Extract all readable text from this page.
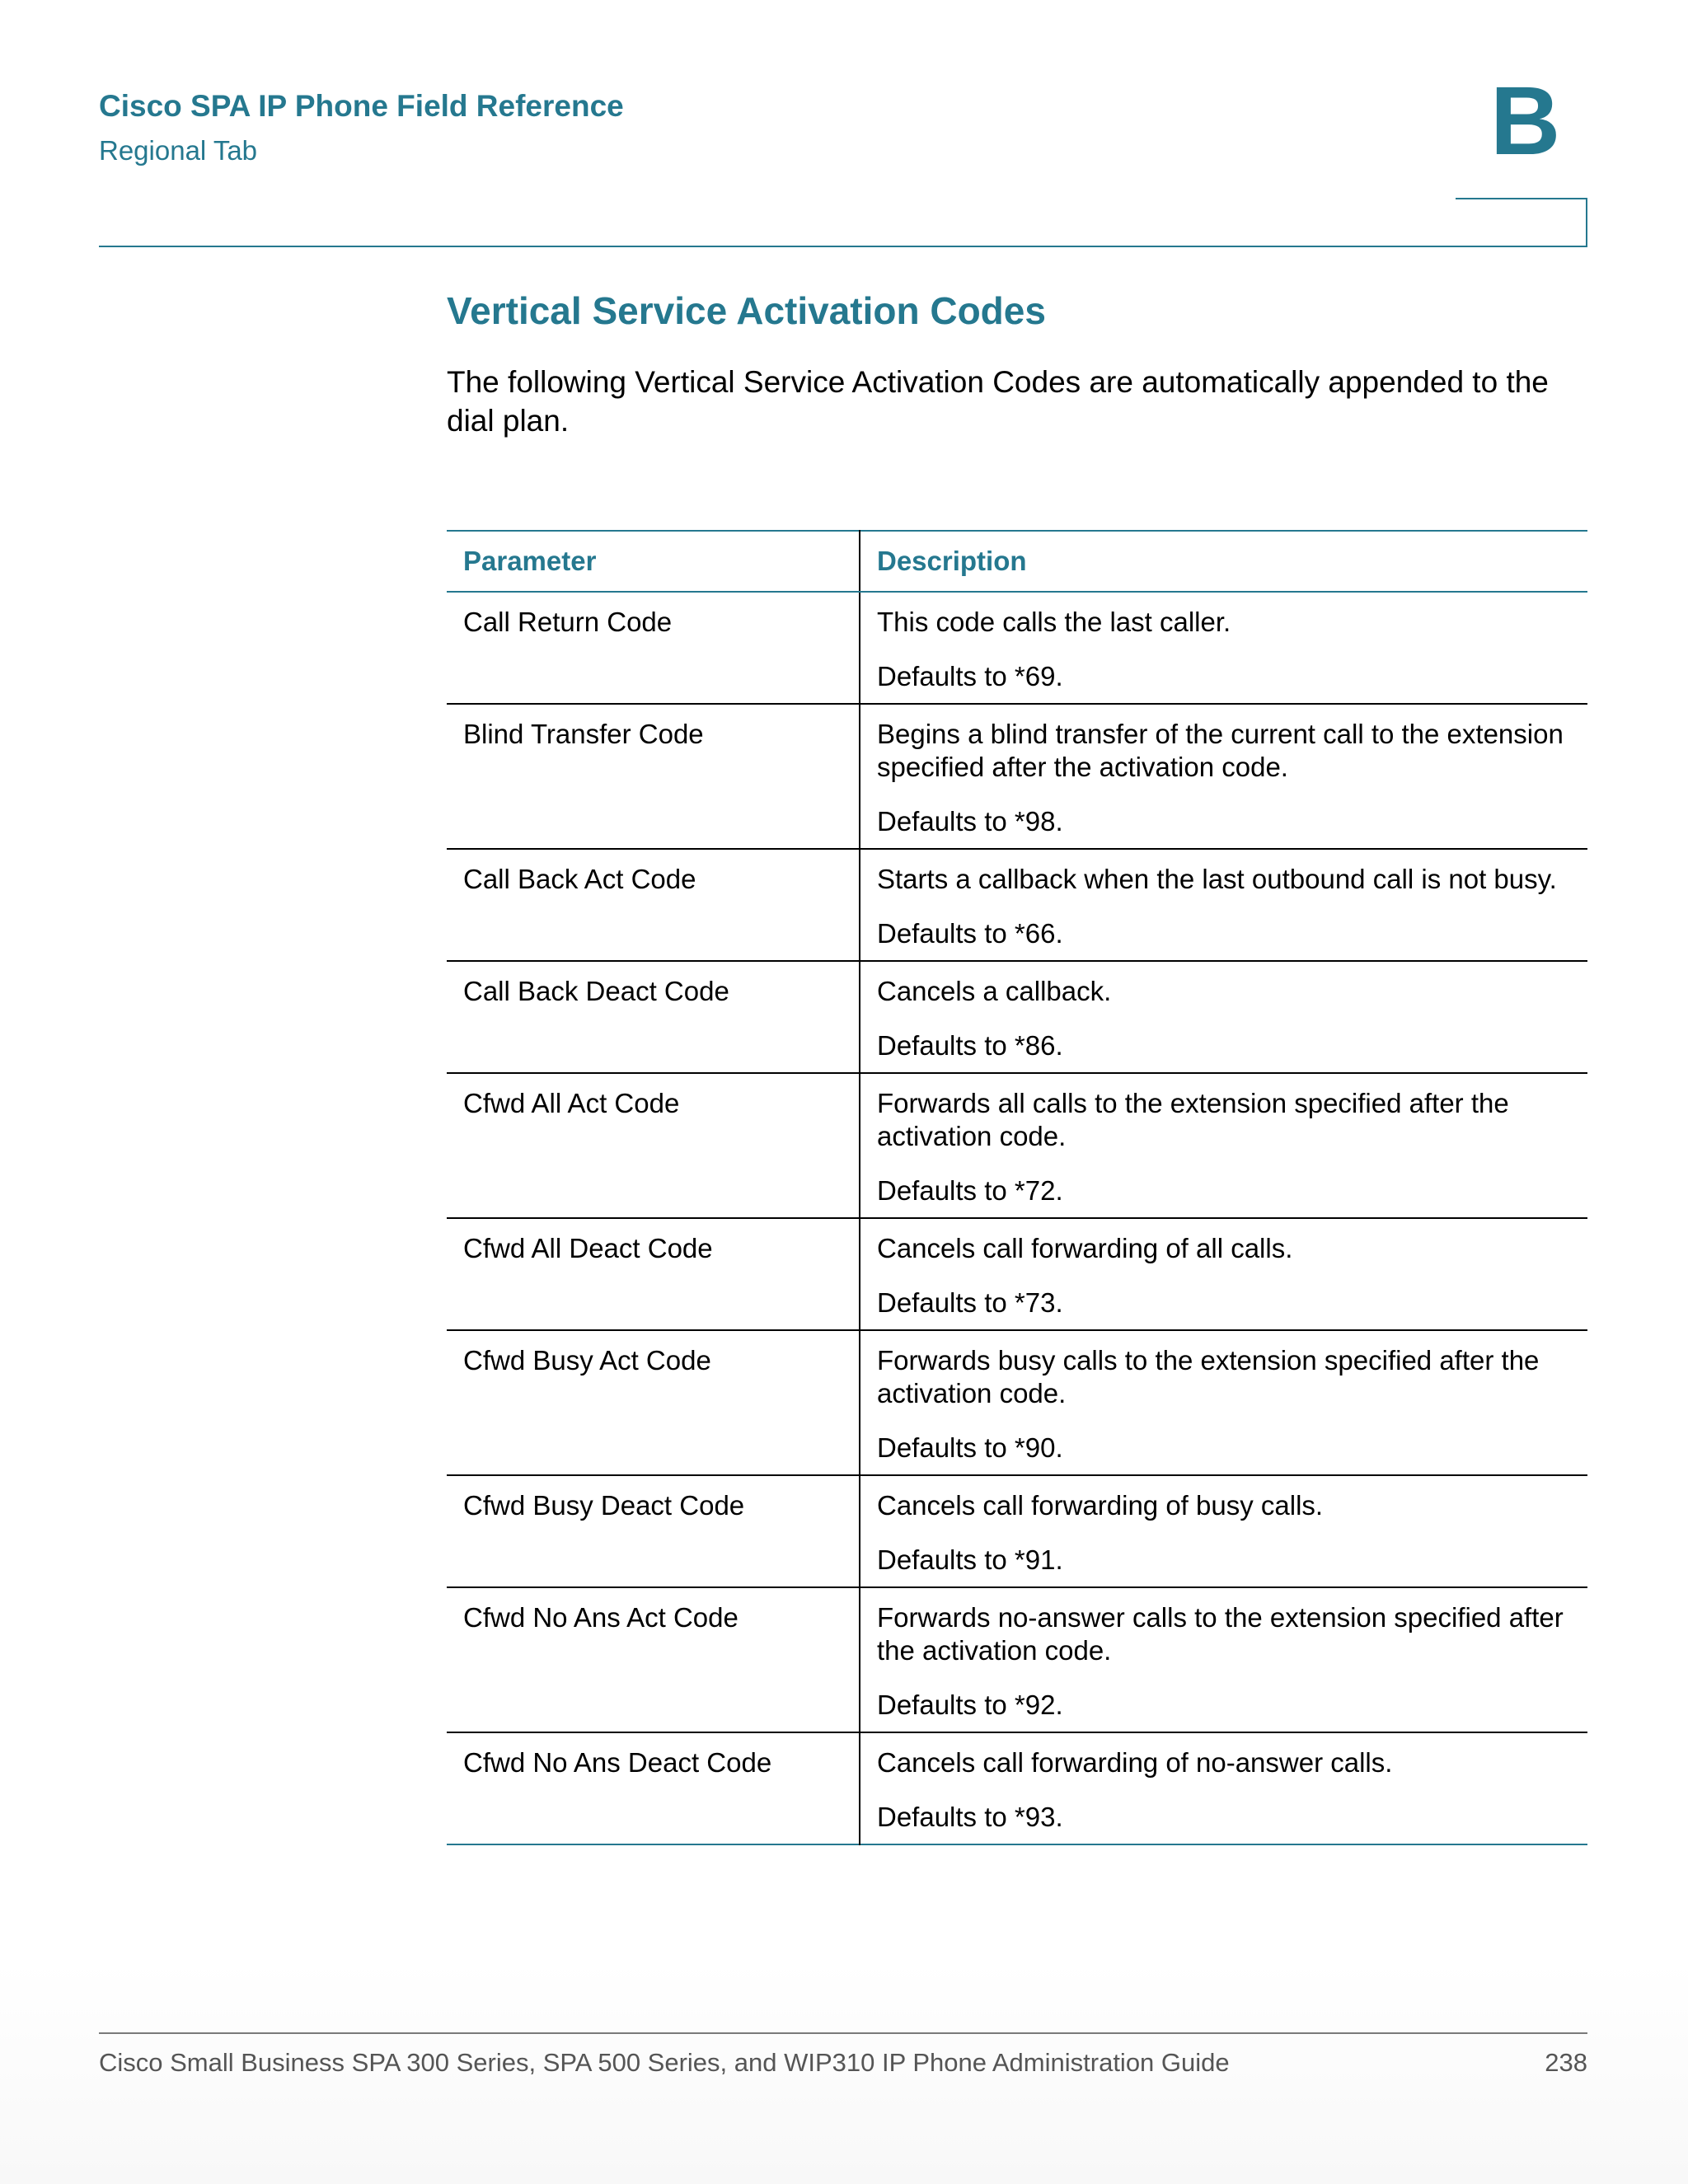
Cisco SPA IP Phone Field Reference
Regional Tab	B
Vertical Service Activation Codes
The following Vertical Service Activation Codes are automatically appended to the dial plan.
Parameter	Description
Call Return Code	This code calls the last caller.

Defaults to *69.

Blind Transfer Code	Begins a blind transfer of the current call to the extension specified after the activation code.

Defaults to *98.

Call Back Act Code	Starts a callback when the last outbound call is not busy.

Defaults to *66.

Call Back Deact Code	Cancels a callback.

Defaults to *86.

Cfwd All Act Code	Forwards all calls to the extension specified after the activation code.

Defaults to *72.

Cfwd All Deact Code	Cancels call forwarding of all calls.

Defaults to *73.

Cfwd Busy Act Code	Forwards busy calls to the extension specified after the activation code.

Defaults to *90.

Cfwd Busy Deact Code	Cancels call forwarding of busy calls.

Defaults to *91.

Cfwd No Ans Act Code	Forwards no-answer calls to the extension specified after the activation code.

Defaults to *92.

Cfwd No Ans Deact Code	Cancels call forwarding of no-answer calls.

Defaults to *93.

Cisco Small Business SPA 300 Series, SPA 500 Series, and WIP310 IP Phone Administration Guide	238
